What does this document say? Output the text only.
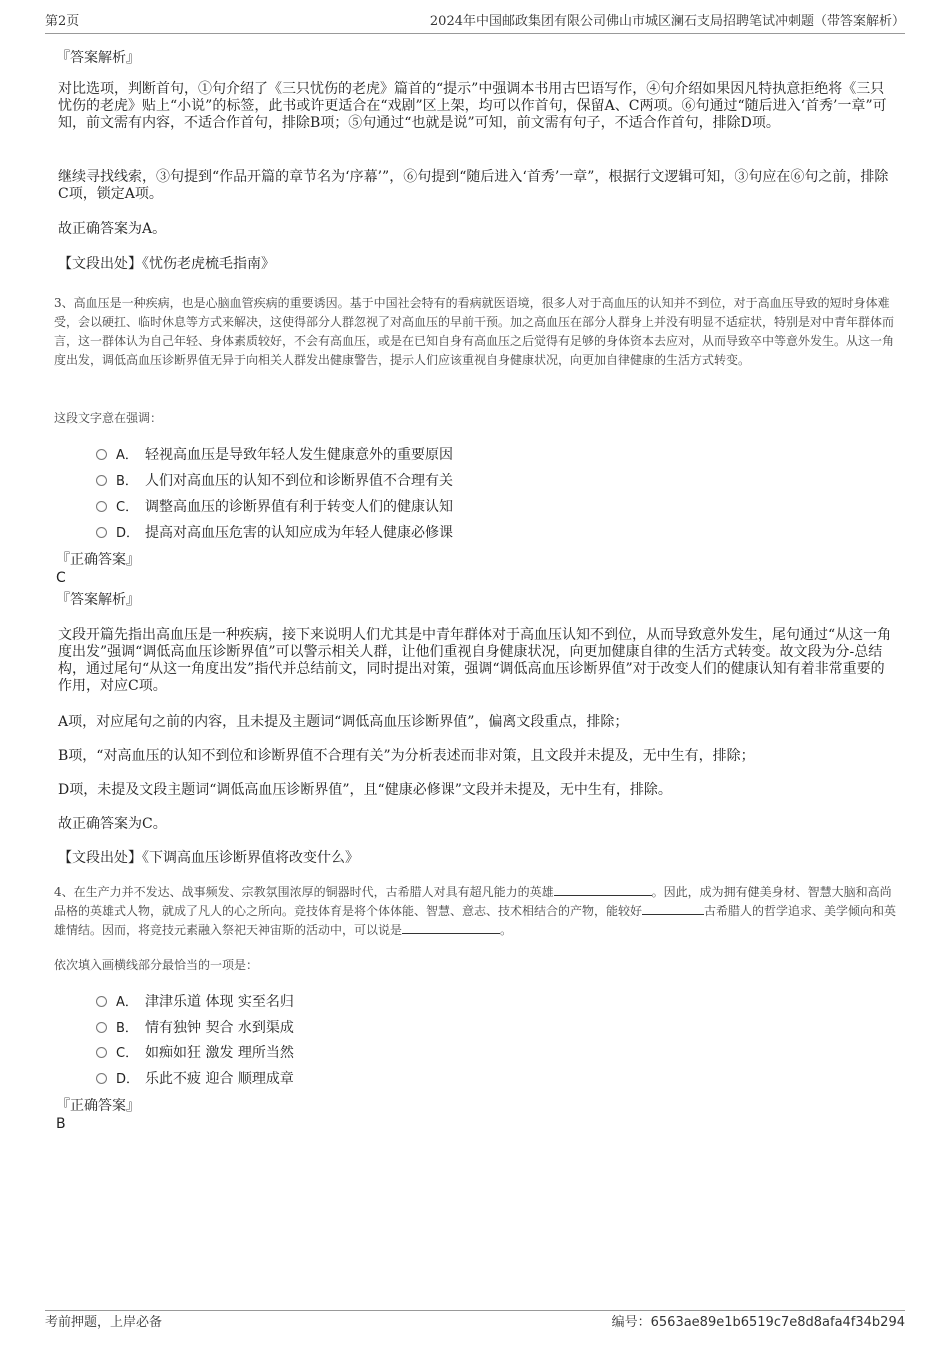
第2页	2024年中国邮政集团有限公司佛山市城区澜石支局招聘笔试冲刺题（带答案解析）
『答案解析』
对比选项，判断首句，①句介绍了《三只忧伤的老虎》篇首的“提示”中强调本书用古巴语写作，④句介绍如果因凡特执意拒绝将《三只忧伤的老虎》贴上“小说”的标签，此书或许更适合在“戏剧”区上架，均可以作首句，保留A、C两项。⑥句通过“随后进入‘首秀’一章”可知，前文需有内容，不适合作首句，排除B项；⑤句通过“也就是说”可知，前文需有句子，不适合作首句，排除D项。
继续寻找线索，③句提到“作品开篇的章节名为‘序幕’”，⑥句提到“随后进入‘首秀’一章”，根据行文逻辑可知，③句应在⑥句之前，排除C项，锁定A项。
故正确答案为A。
【文段出处】《忧伤老虎梳毛指南》
3、高血压是一种疾病，也是心脑血管疾病的重要诱因。基于中国社会特有的看病就医语境，很多人对于高血压的认知并不到位，对于高血压导致的短时身体难受，会以硬扛、临时休息等方式来解决，这使得部分人群忽视了对高血压的早前干预。加之高血压在部分人群身上并没有明显不适症状，特别是对中青年群体而言，这一群体认为自己年轻、身体素质较好，不会有高血压，或是在已知自身有高血压之后觉得有足够的身体资本去应对，从而导致卒中等意外发生。从这一角度出发，调低高血压诊断界值无异于向相关人群发出健康警告，提示人们应该重视自身健康状况，向更加自律健康的生活方式转变。
这段文字意在强调：
A． 轻视高血压是导致年轻人发生健康意外的重要原因
B． 人们对高血压的认知不到位和诊断界值不合理有关
C． 调整高血压的诊断界值有利于转变人们的健康认知
D． 提高对高血压危害的认知应成为年轻人健康必修课
『正确答案』
C
『答案解析』
文段开篇先指出高血压是一种疾病，接下来说明人们尤其是中青年群体对于高血压认知不到位，从而导致意外发生，尾句通过“从这一角度出发”强调“调低高血压诊断界值”可以警示相关人群，让他们重视自身健康状况，向更加健康自律的生活方式转变。故文段为分-总结构，通过尾句“从这一角度出发”指代并总结前文，同时提出对策，强调“调低高血压诊断界值”对于改变人们的健康认知有着非常重要的作用，对应C项。
A项，对应尾句之前的内容，且未提及主题词“调低高血压诊断界值”，偏离文段重点，排除；
B项，“对高血压的认知不到位和诊断界值不合理有关”为分析表述而非对策，且文段并未提及，无中生有，排除；
D项，未提及文段主题词“调低高血压诊断界值”，且“健康必修课”文段并未提及，无中生有，排除。
故正确答案为C。
【文段出处】《下调高血压诊断界值将改变什么》
4、在生产力并不发达、战事频发、宗教氛围浓厚的铜器时代，古希腊人对具有超凡能力的英雄	。因此，成为拥有健美身材、智慧大脑和高尚品格的英雄式人物，就成了凡人的心之所向。竞技体育是将个体体能、智慧、意志、技术相结合的产物，能较好	古希腊人的哲学追求、美学倾向和英雄情结。因而，将竞技元素融入祭祀天神宙斯的活动中，可以说是	。
依次填入画横线部分最恰当的一项是：
A． 津津乐道 体现 实至名归
B． 情有独钟 契合 水到渠成
C． 如痴如狂 激发 理所当然
D． 乐此不疲 迎合 顺理成章
『正确答案』
B
考前押题，上岸必备	编号：6563ae89e1b6519c7e8d8afa4f34b294
